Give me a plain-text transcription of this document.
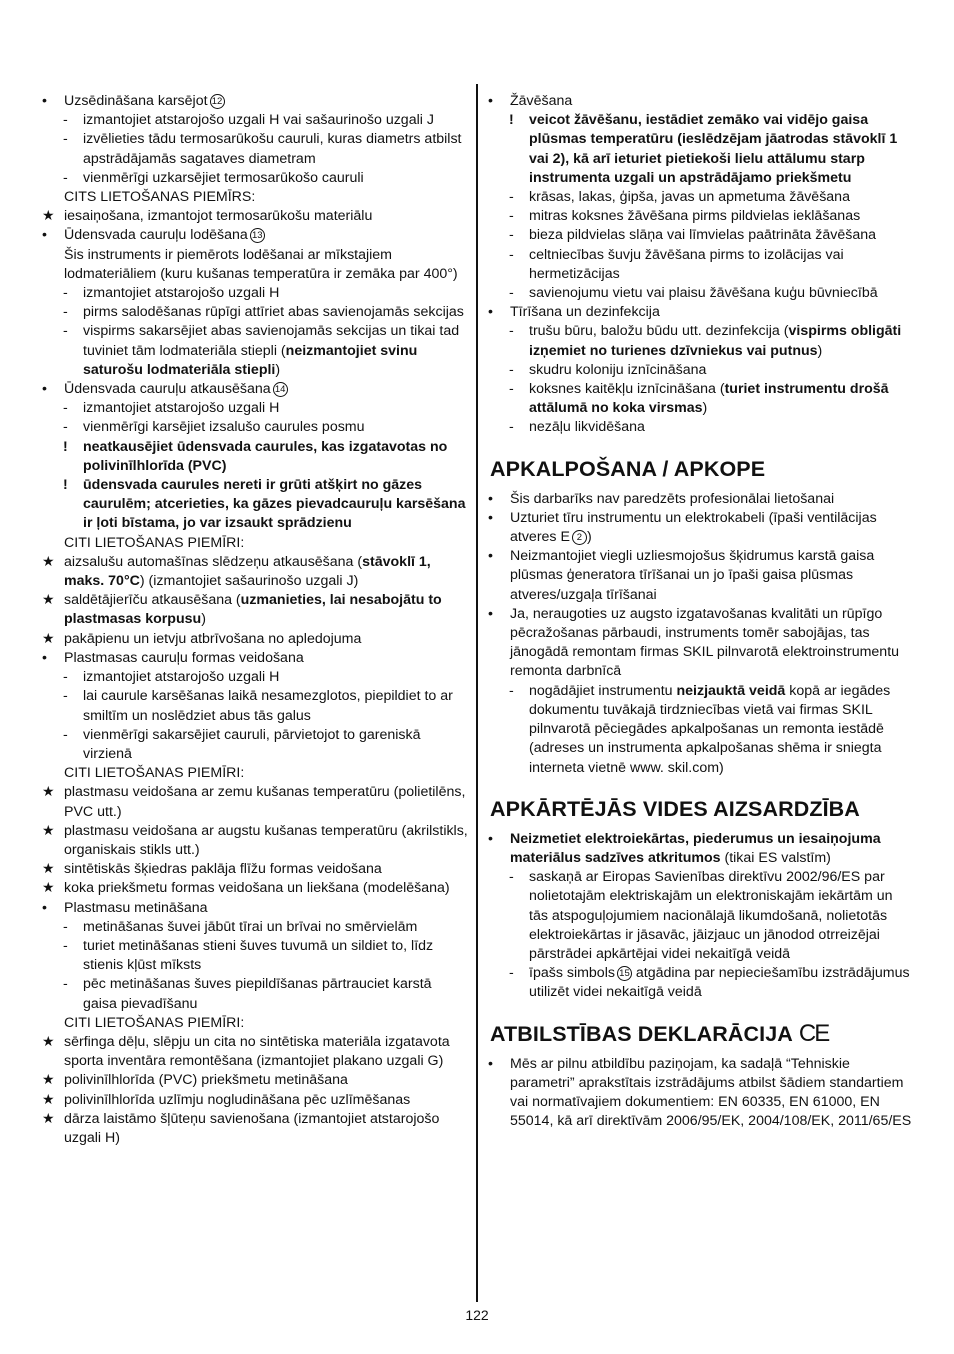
• Uzsēdināšana karsējot 12
- izmantojiet atstarojošo uzgali H vai sašaurinošo uzgali J
- izvēlieties tādu termosarūkošu cauruli, kuras diametrs atbilst apstrādājamās sagataves diametram
- vienmērīgi uzkarsējiet termosarūkošo cauruli
CITS LIETOŠANAS PIEMĪRS:
★ iesaiņošana, izmantojot termosarūkošu materiālu
• Ūdensvada cauruļu lodēšana 13
Šis instruments ir piemērots lodēšanai ar mīkstajiem lodmateriāliem (kuru kušanas temperatūra ir zemāka par 400°)
- izmantojiet atstarojošo uzgali H
- pirms salodēšanas rūpīgi attīriet abas savienojamās sekcijas
- vispirms sakarsējiet abas savienojamās sekcijas un tikai tad tuviniet tām lodmateriāla stiepli (neizmantojiet svinu saturošu lodmateriāla stiepli)
• Ūdensvada cauruļu atkausēšana 14
- izmantojiet atstarojošo uzgali H
- vienmērīgi karsējiet izsalušo caurules posmu
! neatkausējiet ūdensvada caurules, kas izgatavotas no polivinīlhlorīda (PVC)
! ūdensvada caurules nereti ir grūti atšķirt no gāzes caurulēm; atcerieties, ka gāzes pievadcauruļu karsēšana ir ļoti bīstama, jo var izsaukt sprādzienu
CITI LIETOŠANAS PIEMĪRI:
★ aizsalušu automašīnas slēdzeņu atkausēšana (stāvoklī 1, maks. 70°C) (izmantojiet sašaurinošo uzgali J)
★ saldētājierīču atkausēšana (uzmanieties, lai nesabojātu to plastmasas korpusu)
★ pakāpienu un ietvju atbrīvošana no apledojuma
• Plastmasas cauruļu formas veidošana
- izmantojiet atstarojošo uzgali H
- lai caurule karsēšanas laikā nesamezglotos, piepildiet to ar smiltīm un noslēdziet abus tās galus
- vienmērīgi sakarsējiet cauruli, pārvietojot to gareniskā virzienā
CITI LIETOŠANAS PIEMĪRI:
★ plastmasu veidošana ar zemu kušanas temperatūru (polietilēns, PVC utt.)
★ plastmasu veidošana ar augstu kušanas temperatūru (akrilstikls, organiskais stikls utt.)
★ sintētiskās šķiedras paklāja flīžu formas veidošana
★ koka priekšmetu formas veidošana un liekšana (modelēšana)
• Plastmasu metināšana
- metināšanas šuvei jābūt tīrai un brīvai no smērvielām
- turiet metināšanas stieni šuves tuvumā un sildiet to, līdz stienis kļūst mīksts
- pēc metināšanas šuves piepildīšanas pārtrauciet karstā gaisa pievadīšanu
CITI LIETOŠANAS PIEMĪRI:
★ sērfinga dēļu, slēpju un cita no sintētiska materiāla izgatavota sporta inventāra remontēšana (izmantojiet plakano uzgali G)
★ polivinīlhlorīda (PVC) priekšmetu metināšana
★ polivinīlhlorīda uzlīmju nogludināšana pēc uzlīmēšanas
★ dārza laistāmo šļūteņu savienošana (izmantojiet atstarojošo uzgali H)
• Žāvēšana
! veicot žāvēšanu, iestādiet zemāko vai vidējo gaisa plūsmas temperatūru (ieslēdzējam jāatrodas stāvoklī 1 vai 2), kā arī ieturiet pietiekoši lielu attālumu starp instrumenta uzgali un apstrādājamo priekšmetu
- krāsas, lakas, ģipša, javas un apmetuma žāvēšana
- mitras koksnes žāvēšana pirms pildvielas ieklāšanas
- bieza pildvielas slāņa vai līmvielas paātrināta žāvēšana
- celtniecības šuvju žāvēšana pirms to izolācijas vai hermetizācijas
- savienojumu vietu vai plaisu žāvēšana kuģu būvniecībā
• Tīrīšana un dezinfekcija
- trušu būru, baložu būdu utt. dezinfekcija (vispirms obligāti izņemiet no turienes dzīvniekus vai putnus)
- skudru koloniju iznīcināšana
- koksnes kaitēkļu iznīcināšana (turiet instrumentu drošā attālumā no koka virsmas)
- nezāļu likvidēšana
APKALPOŠANA / APKOPE
• Šis darbarīks nav paredzēts profesionālai lietošanai
• Uzturiet tīru instrumentu un elektrokabeli (īpaši ventilācijas atveres E 2 )
• Neizmantojiet viegli uzliesmojošus šķidrumus karstā gaisa plūsmas ģeneratora tīrīšanai un jo īpaši gaisa plūsmas atveres/uzgaļa tīrīšanai
• Ja, neraugoties uz augsto izgatavošanas kvalitāti un rūpīgo pēcražošanas pārbaudi, instruments tomēr sabojājas, tas jānogādā remontam firmas SKIL pilnvarotā elektroinstrumentu remonta darbnīcā
- nogādājiet instrumentu neizjauktā veidā kopā ar iegādes dokumentu tuvākajā tirdzniecības vietā vai firmas SKIL pilnvarotā pēciegādes apkalpošanas un remonta iestādē (adreses un instrumenta apkalpošanas shēma ir sniegta interneta vietnē www. skil.com)
APKĀRTĒJĀS VIDES AIZSARDZĪBA
• Neizmetiet elektroiekārtas, piederumus un iesaiņojuma materiālus sadzīves atkritumos (tikai ES valstīm)
- saskaņā ar Eiropas Savienības direktīvu 2002/96/ES par nolietotajām elektriskajām un elektroniskajām iekārtām un tās atspoguļojumiem nacionālajā likumdošanā, nolietotās elektroiekārtas ir jāsavāc, jāizjauc un jānodod otrreizējai pārstrādei apkārtējai videi nekaitīgā veidā
- īpašs simbols 15 atgādina par nepieciešamību izstrādājumus utilizēt videi nekaitīgā veidā
ATBILSTĪBAS DEKLARĀCIJA CE
• Mēs ar pilnu atbildību paziņojam, ka sadaļā “Tehniskie parametri” aprakstītais izstrādājums atbilst šādiem standartiem vai normatīvajiem dokumentiem: EN 60335, EN 61000, EN 55014, kā arī direktīvām 2006/95/EK, 2004/108/EK, 2011/65/ES
122
